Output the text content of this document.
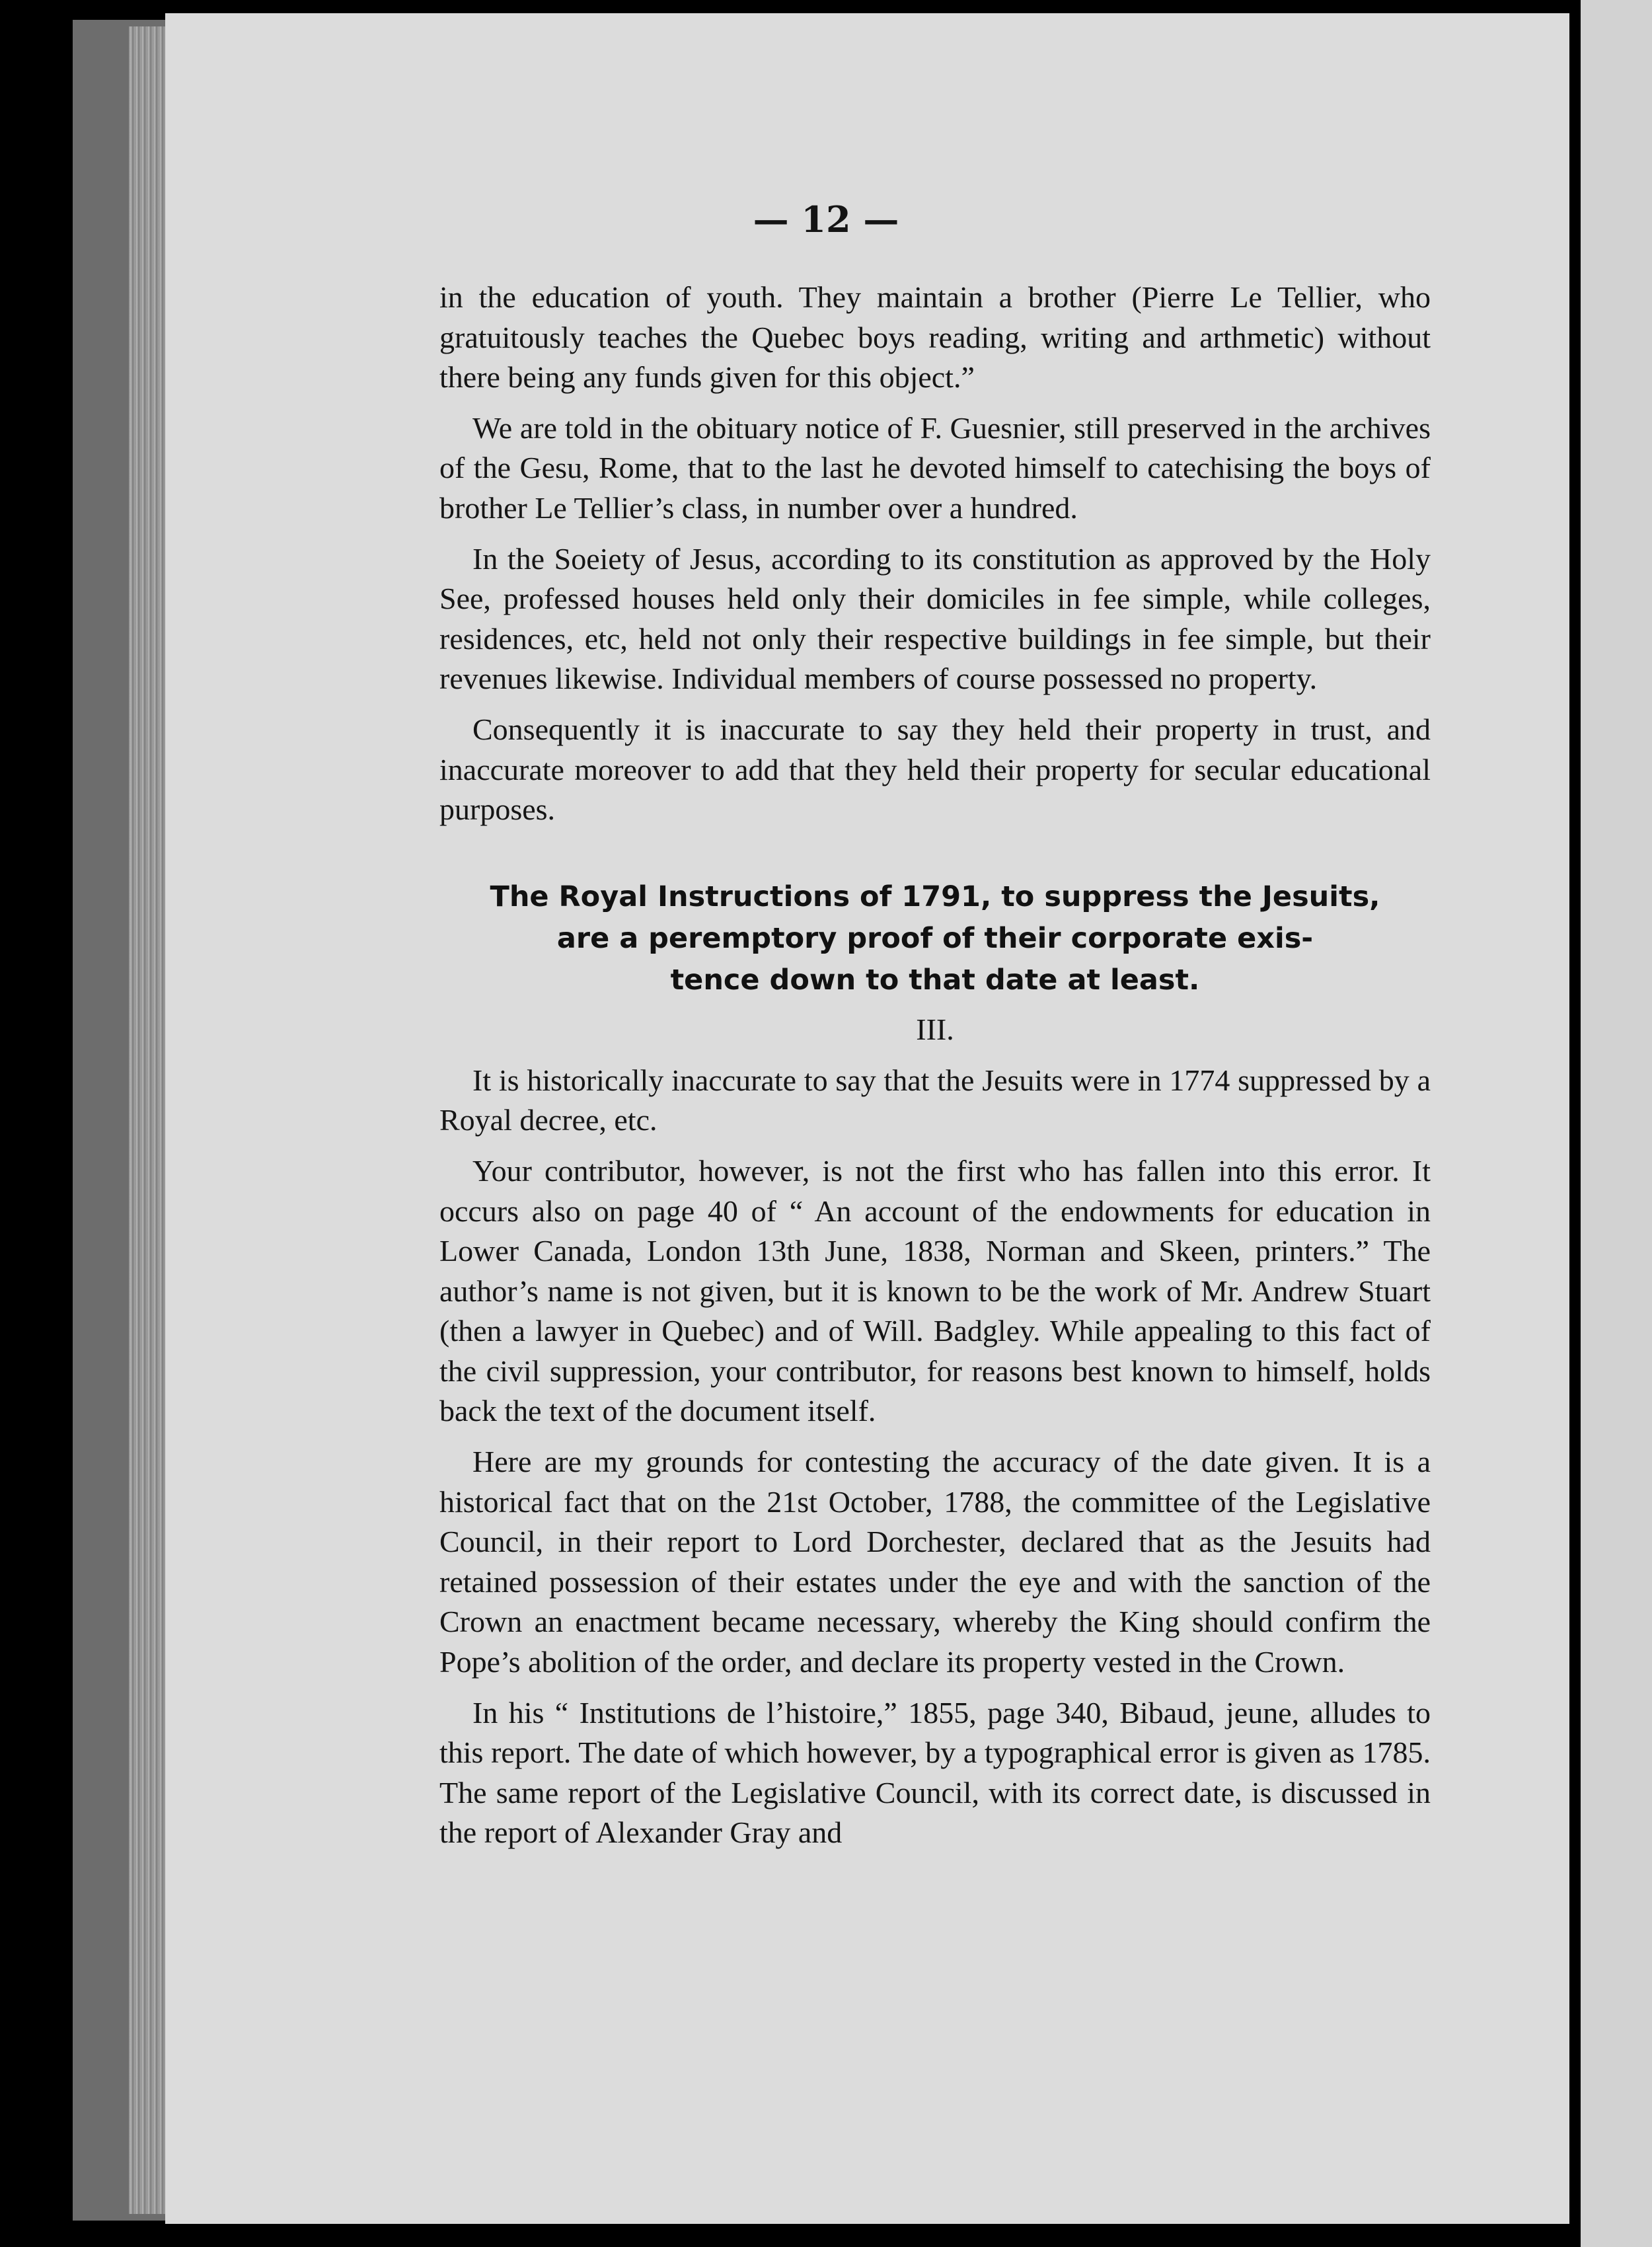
— 12 —

in the education of youth. They maintain a brother (Pierre Le Tellier, who gratuitously teaches the Quebec boys reading, writing and arthmetic) without there being any funds given for this object.”

We are told in the obituary notice of F. Guesnier, still preserved in the archives of the Gesu, Rome, that to the last he devoted himself to catechising the boys of brother Le Tellier’s class, in number over a hundred.

In the Soeiety of Jesus, according to its constitution as approved by the Holy See, professed houses held only their domiciles in fee simple, while colleges, residences, etc, held not only their respective buildings in fee simple, but their revenues likewise. Individual members of course possessed no property.

Consequently it is inaccurate to say they held their property in trust, and inaccurate moreover to add that they held their property for secular educational purposes.

The Royal Instructions of 1791, to suppress the Jesuits,
are a peremptory proof of their corporate exis-
tence down to that date at least.
III.

It is historically inaccurate to say that the Jesuits were in 1774 suppressed by a Royal decree, etc.

Your contributor, however, is not the first who has fallen into this error. It occurs also on page 40 of “ An account of the endowments for education in Lower Canada, London 13th June, 1838, Norman and Skeen, printers.” The author’s name is not given, but it is known to be the work of Mr. Andrew Stuart (then a lawyer in Quebec) and of Will. Badgley. While appealing to this fact of the civil suppression, your contributor, for reasons best known to himself, holds back the text of the document itself.

Here are my grounds for contesting the accuracy of the date given. It is a historical fact that on the 21st October, 1788, the committee of the Legislative Council, in their report to Lord Dorchester, declared that as the Jesuits had retained possession of their estates under the eye and with the sanction of the Crown an enactment became necessary, whereby the King should confirm the Pope’s abolition of the order, and declare its property vested in the Crown.

In his “ Institutions de l’histoire,” 1855, page 340, Bibaud, jeune, alludes to this report. The date of which however, by a typographical error is given as 1785. The same report of the Legislative Council, with its correct date, is discussed in the report of Alexander Gray and
